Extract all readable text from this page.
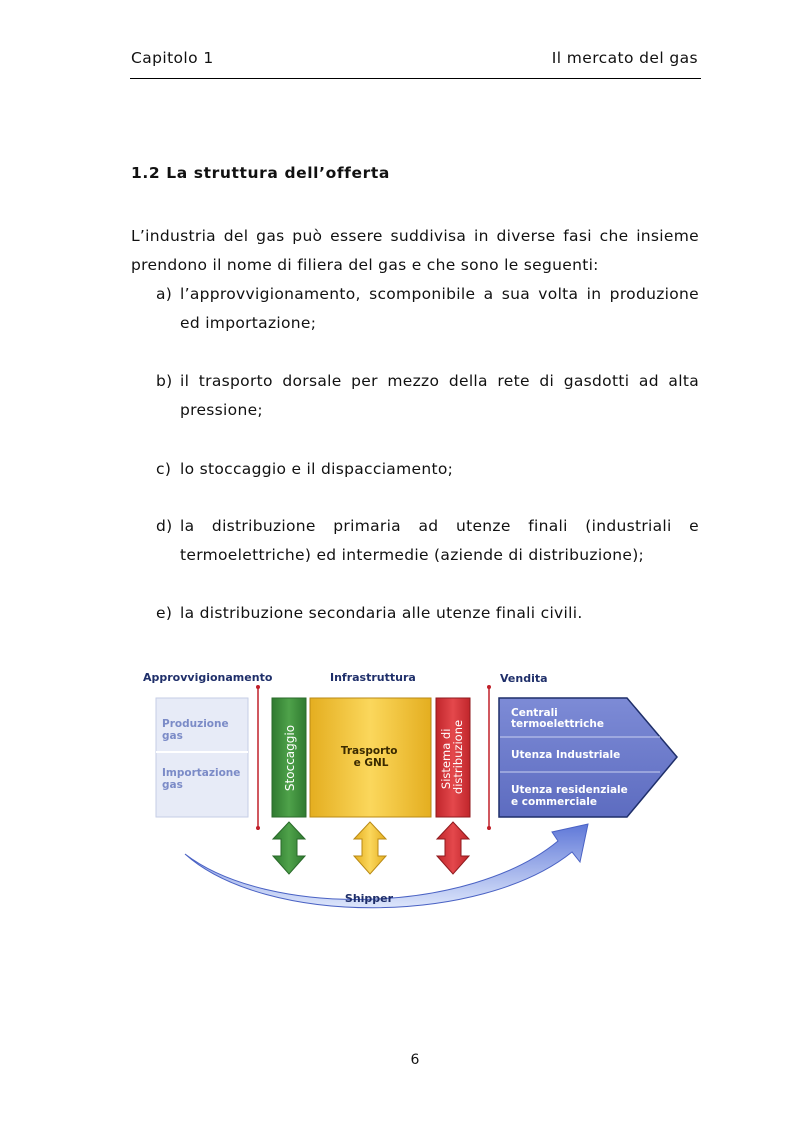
Capitolo 1	Il mercato del gas
1.2 La struttura dell’offerta
L’industria del gas può essere suddivisa in diverse fasi che insieme
prendono il nome di filiera del gas e che sono le seguenti:
a) l’approvvigionamento, scomponibile a sua volta in produzione
ed importazione;
b) il trasporto dorsale per mezzo della rete di gasdotti ad alta
pressione;
c) lo stoccaggio e il dispacciamento;
d) la distribuzione primaria ad utenze finali (industriali e
termoelettriche) ed intermedie (aziende di distribuzione);
e) la distribuzione secondaria alle utenze finali civili.
Approvvigionamento	Infrastruttura	Vendita
Produzione gas
Importazione gas	Stoccaggio	Trasporto e GNL	Sistema di distribuzione
Centrali termoelettriche
Utenza Industriale
Utenza residenziale e commerciale
Shipper
6
